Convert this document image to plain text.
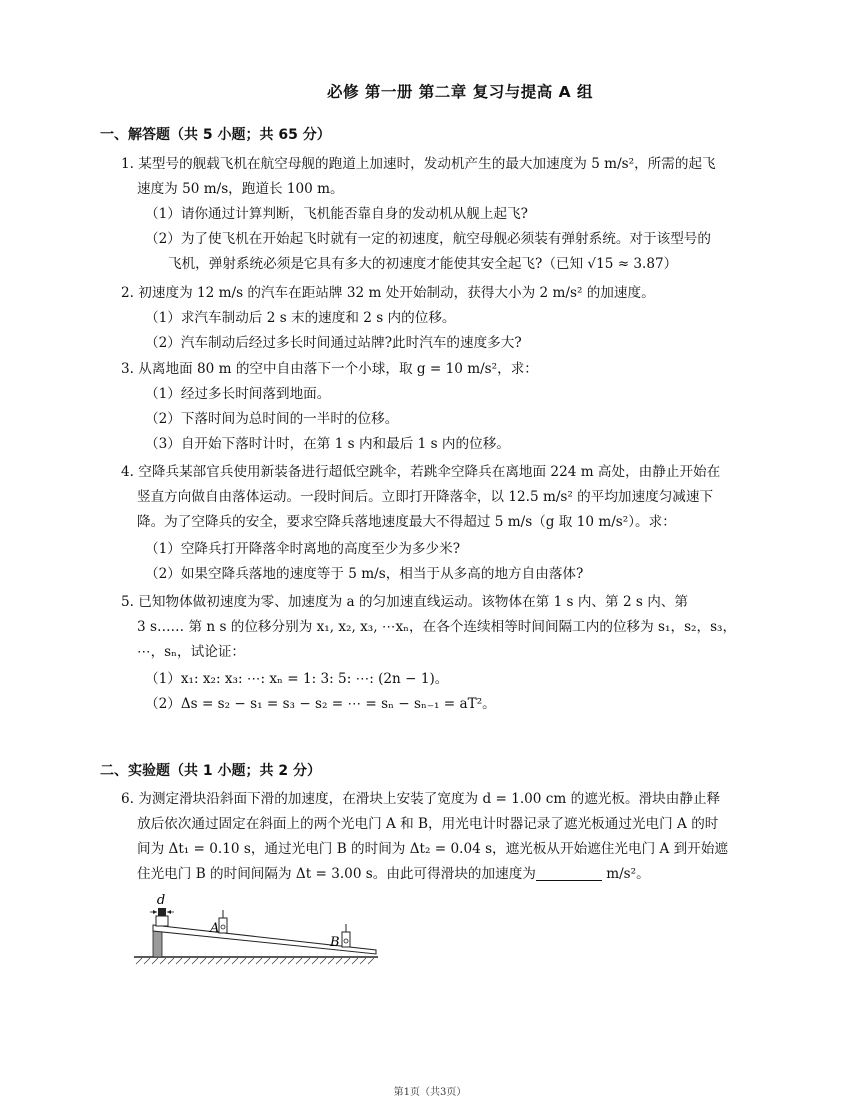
必修 第一册 第二章 复习与提高 A 组
一、解答题（共 5 小题；共 65 分）
1. 某型号的舰载飞机在航空母舰的跑道上加速时，发动机产生的最大加速度为 5 m/s²，所需的起飞
速度为 50 m/s，跑道长 100 m。
（1）请你通过计算判断，飞机能否靠自身的发动机从舰上起飞?
（2）为了使飞机在开始起飞时就有一定的初速度，航空母舰必须装有弹射系统。对于该型号的
飞机，弹射系统必须是它具有多大的初速度才能使其安全起飞?（已知 √15 ≈ 3.87）
2. 初速度为 12 m/s 的汽车在距站牌 32 m 处开始制动，获得大小为 2 m/s² 的加速度。
（1）求汽车制动后 2 s 末的速度和 2 s 内的位移。
（2）汽车制动后经过多长时间通过站牌?此时汽车的速度多大?
3. 从离地面 80 m 的空中自由落下一个小球，取 g = 10 m/s²，求：
（1）经过多长时间落到地面。
（2）下落时间为总时间的一半时的位移。
（3）自开始下落时计时，在第 1 s 内和最后 1 s 内的位移。
4. 空降兵某部官兵使用新装备进行超低空跳伞，若跳伞空降兵在离地面 224 m 高处，由静止开始在
竖直方向做自由落体运动。一段时间后。立即打开降落伞，以 12.5 m/s² 的平均加速度匀减速下
降。为了空降兵的安全，要求空降兵落地速度最大不得超过 5 m/s（g 取 10 m/s²）。求：
（1）空降兵打开降落伞时离地的高度至少为多少米?
（2）如果空降兵落地的速度等于 5 m/s，相当于从多高的地方自由落体?
5. 已知物体做初速度为零、加速度为 a 的匀加速直线运动。该物体在第 1 s 内、第 2 s 内、第
3 s…… 第 n s 的位移分别为 x₁, x₂, x₃, ⋯xₙ，在各个连续相等时间间隔工内的位移为 s₁，s₂，s₃，
⋯，sₙ，试论证：
（1）x₁: x₂: x₃: ⋯: xₙ = 1: 3: 5: ⋯: (2n − 1)。
（2）Δs = s₂ − s₁ = s₃ − s₂ = ⋯ = sₙ − sₙ₋₁ = aT²。
二、实验题（共 1 小题；共 2 分）
6. 为测定滑块沿斜面下滑的加速度，在滑块上安装了宽度为 d = 1.00 cm 的遮光板。滑块由静止释
放后依次通过固定在斜面上的两个光电门 A 和 B，用光电计时器记录了遮光板通过光电门 A 的时
间为 Δt₁ = 0.10 s，通过光电门 B 的时间为 Δt₂ = 0.04 s，遮光板从开始遮住光电门 A 到开始遮
住光电门 B 的时间间隔为 Δt = 3.00 s。由此可得滑块的加速度为	m/s²。
d
A
B
第1页（共3页）
